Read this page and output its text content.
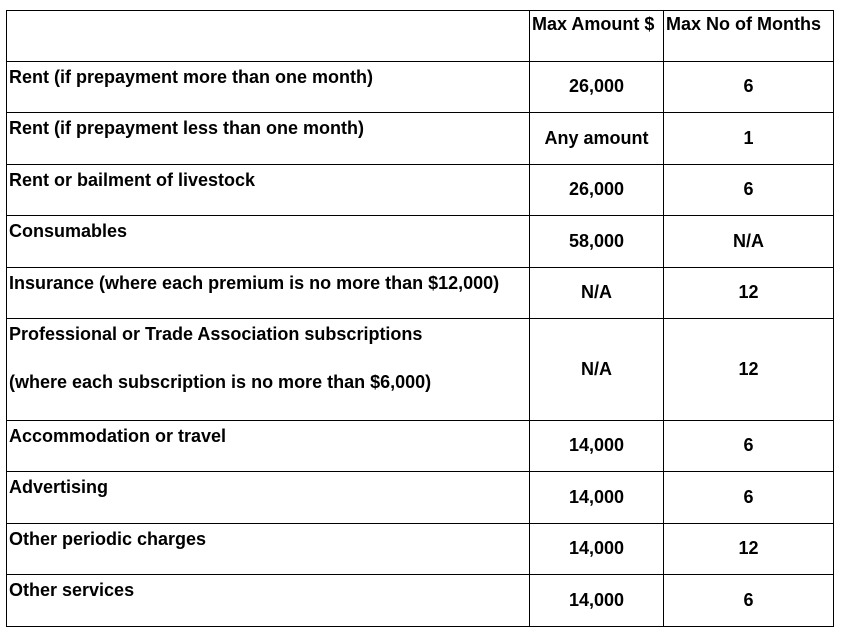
	Max Amount $	Max No of Months

Rent (if prepayment more than one month)	26,000	6

Rent (if prepayment less than one month)	Any amount	1

Rent or bailment of livestock	26,000	6

Consumables	58,000	N/A

Insurance (where each premium is no more than $12,000)	N/A	12

Professional or Trade Association subscriptions
(where each subscription is no more than $6,000)	N/A	12

Accommodation or travel	14,000	6

Advertising	14,000	6

Other periodic charges	14,000	12

Other services	14,000	6
